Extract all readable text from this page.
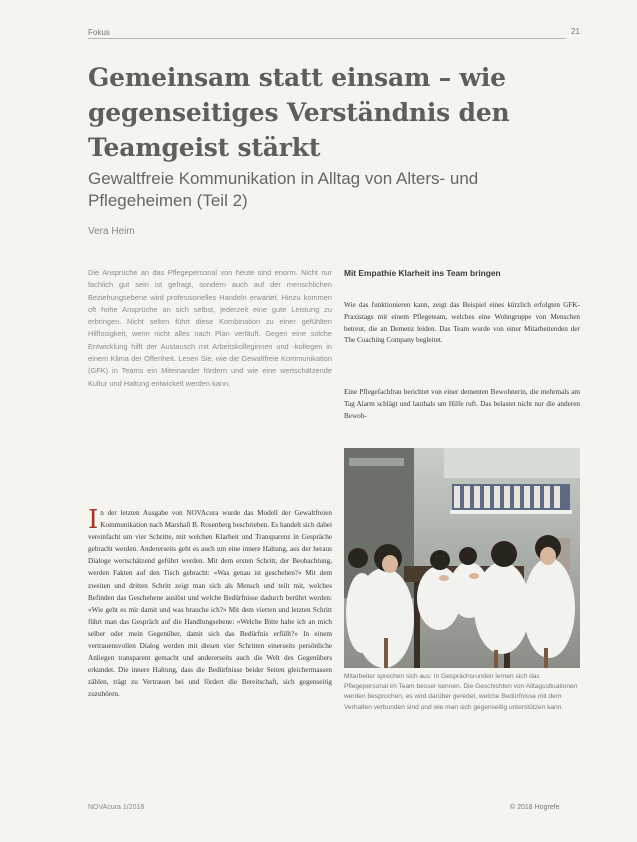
Fokus	21
Gemeinsam statt einsam – wie gegenseitiges Verständnis den Teamgeist stärkt
Gewaltfreie Kommunikation in Alltag von Alters- und Pflegeheimen (Teil 2)
Vera Heim

Die Ansprüche an das Pflegepersonal von heute sind enorm. Nicht nur fachlich gut sein ist gefragt, sondern auch auf der menschlichen Beziehungsebene wird professionelles Handeln erwartet. Hinzu kommen oft hohe Ansprüche an sich selbst, jederzeit eine gute Leistung zu erbringen. Nicht selten führt diese Kombination zu einer gefühlten Hilflosigkeit, wenn nicht alles nach Plan verläuft. Gegen eine solche Entwicklung hilft der Austausch mit Arbeitskolleginnen und -kollegen in einem Klima der Offenheit. Lesen Sie, wie die Gewaltfreie Kommunikation (GFK) in Teams ein Miteinander fördern und wie eine wertschätzende Kultur und Haltung entwickelt werden kann.

In der letzten Ausgabe von NOVAcura wurde das Modell der Gewaltfreien Kommunikation nach Marshall B. Rosenberg beschrieben. Es handelt sich dabei vereinfacht um vier Schritte, mit welchen Klarheit und Transparenz in Gespräche gebracht werden. Andererseits geht es auch um eine innere Haltung, aus der heraus Dialoge wertschätzend geführt werden. Mit dem ersten Schritt, der Beobachtung, werden Fakten auf den Tisch gebracht: «Was genau ist geschehen?» Mit dem zweiten und dritten Schritt zeigt man sich als Mensch und teilt mit, welches Befinden das Geschehene auslöst und welche Bedürfnisse dadurch berührt werden: «Wie geht es mir damit und was brauche ich?» Mit dem vierten und letzten Schritt führt man das Gespräch auf die Handlungsebene: «Welche Bitte habe ich an mich selber oder mein Gegenüber, damit sich das Bedürfnis erfüllt?» In einem vertrauensvollen Dialog werden mit diesen vier Schritten einerseits persönliche Anliegen transparent gemacht und andererseits auch die Welt des Gegenübers erkundet. Die innere Haltung, dass die Bedürfnisse beider Seiten gleichermassen zählen, trägt zu Vertrauen bei und fördert die Bereitschaft, sich gegenseitig zuzuhören.

Mit Empathie Klarheit ins Team bringen

Wie das funktionieren kann, zeigt das Beispiel eines kürzlich erfolgten GFK-Praxistags mit einem Pflegeteam, welches eine Wohngruppe von Menschen betreut, die an Demenz leiden. Das Team wurde von einer Mitarbeitenden der The Coaching Company begleitet.

Eine Pflegefachfrau berichtet von einer dementen Bewohnerin, die mehrmals am Tag Alarm schlägt und lauthals um Hilfe ruft. Das belastet nicht nur die anderen Bewoh-

Mitarbeiter sprechen sich aus: In Gesprächsrunden lernen sich das Pflegepersonal im Team besser kennen. Die Geschichten von Alltagssituationen werden besprochen, es wird darüber geredet, welche Bedürfnisse mit dem Verhalten verbunden sind und wie man sich gegenseitig unterstützen kann.

NOVAcura 1/2018	© 2018 Hogrefe
